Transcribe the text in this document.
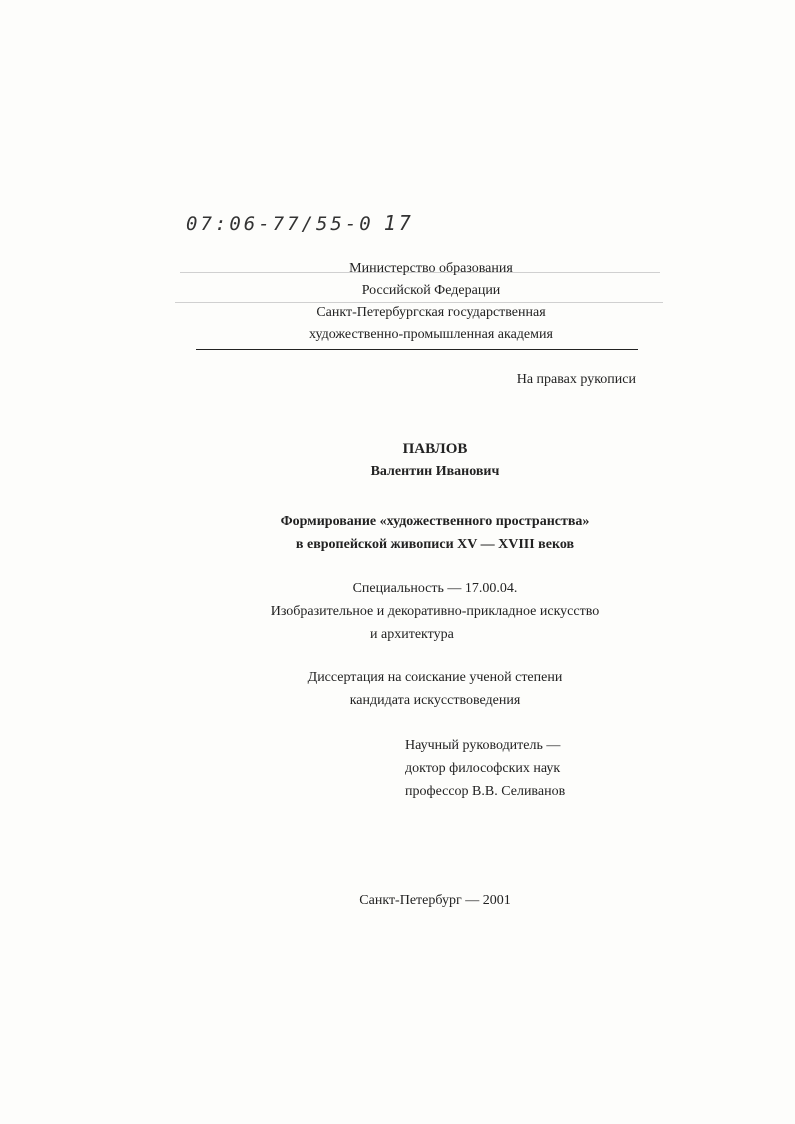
07:06-77/55-0 17
Министерство образования
Российской Федерации
Санкт-Петербургская государственная
художественно-промышленная академия
На правах рукописи
ПАВЛОВ
Валентин Иванович
Формирование «художественного пространства»
в европейской живописи XV — XVIII веков
Специальность — 17.00.04.
Изобразительное и декоративно-прикладное искусство
и архитектура
Диссертация на соискание ученой степени
кандидата искусствоведения
Научный руководитель —
доктор философских наук
профессор В.В. Селиванов
Санкт-Петербург — 2001
